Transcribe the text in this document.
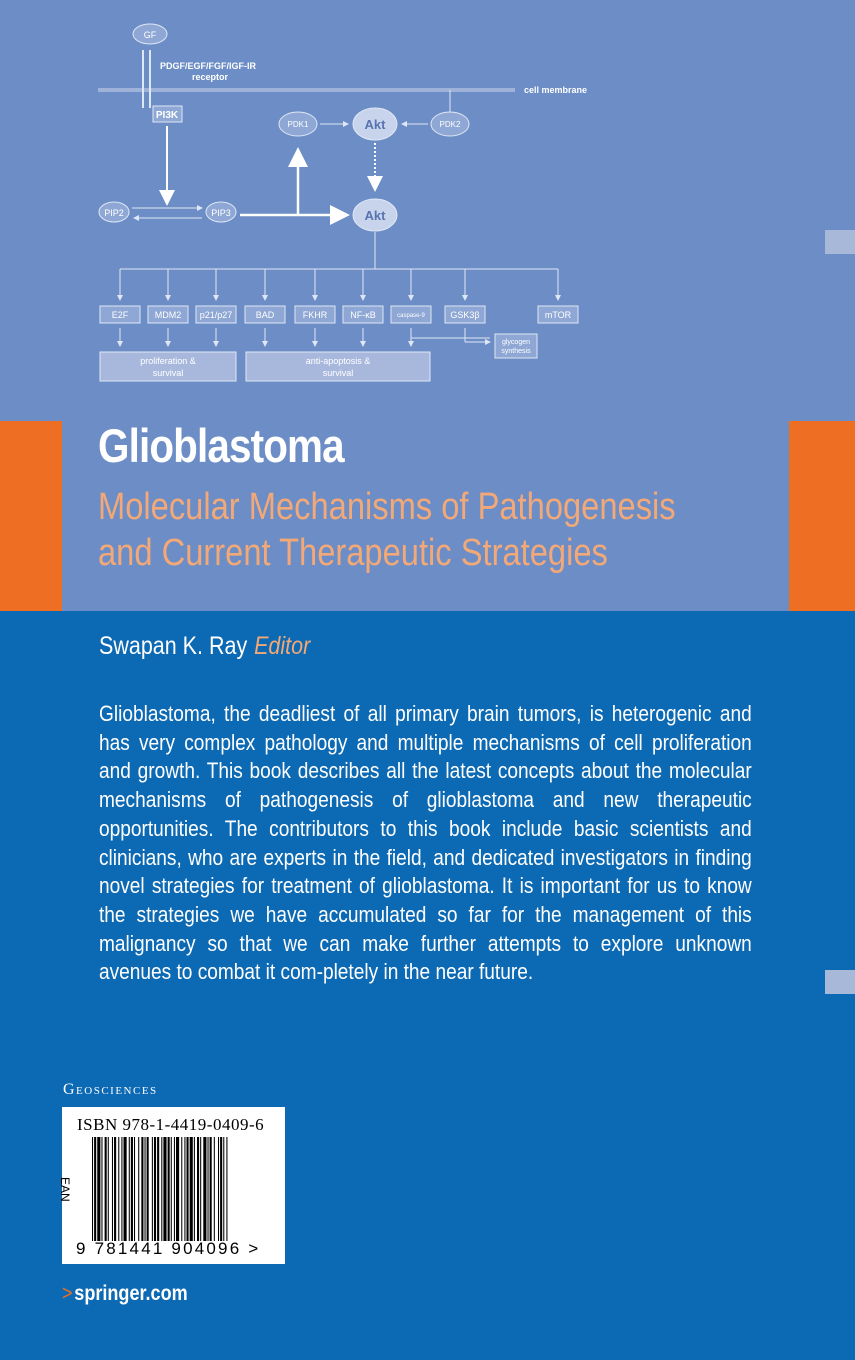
cell membrane
GF
PDGF/EGF/FGF/IGF-IR
receptor
PI3K
PIP2	PIP3
PDK1	Akt	PDK2
Akt
E2F	MDM2 p21/p27	BAD	FKHR	NF-κB	caspase-9	GSK3β	mTOR
glycogen
synthesis
proliferation &
survival
anti-apoptosis &
survival
Glioblastoma
Molecular Mechanisms of Pathogenesis
and Current Therapeutic Strategies
Swapan K. Ray Editor
Glioblastoma, the deadliest of all primary brain tumors, is heterogenic and has very complex pathology and multiple mechanisms of cell proliferation and growth. This book describes all the latest concepts about the molecular mechanisms of pathogenesis of glioblastoma and new therapeutic opportunities. The contributors to this book include basic scientists and clinicians, who are experts in the field, and dedicated investigators in finding novel strategies for treatment of glioblastoma. It is important for us to know the strategies we have accumulated so far for the management of this malignancy so that we can make further attempts to explore unknown avenues to combat it com-pletely in the near future.
Geosciences
ISBN 978-1-4419-0409-6
EAN
9 781441 904096 >
>springer.com
